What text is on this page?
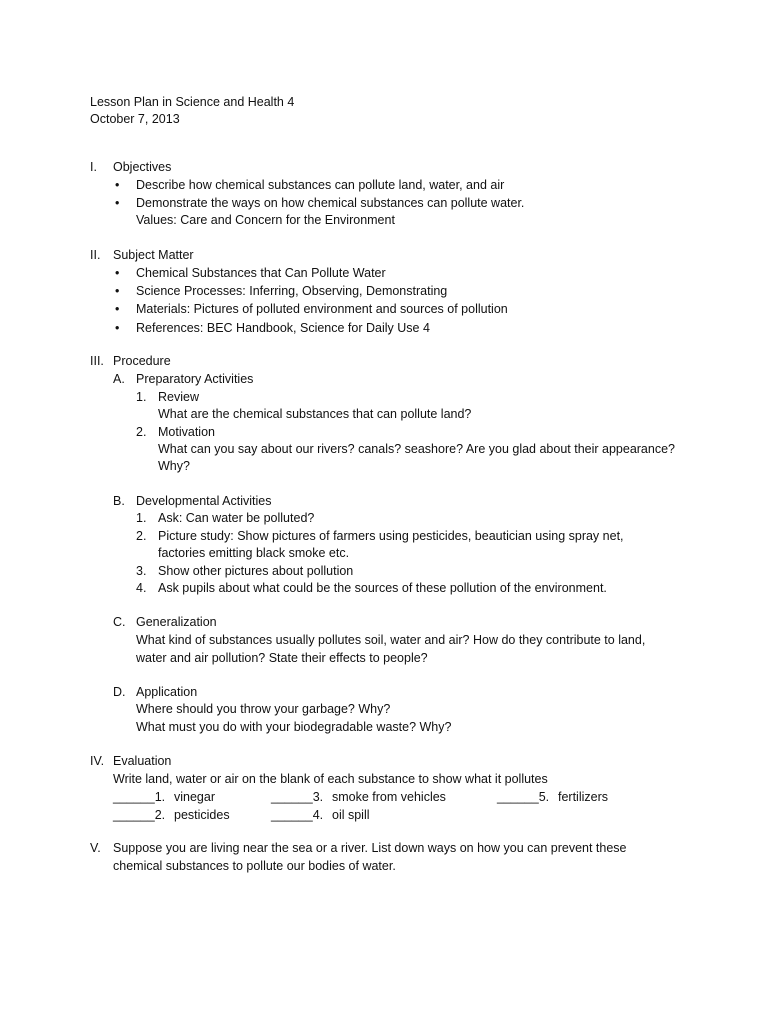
Lesson Plan in Science and Health 4
October 7, 2013
I. Objectives
• Describe how chemical substances can pollute land, water, and air
• Demonstrate the ways on how chemical substances can pollute water.
Values: Care and Concern for the Environment
II. Subject Matter
• Chemical Substances that Can Pollute Water
• Science Processes: Inferring, Observing, Demonstrating
• Materials: Pictures of polluted environment and sources of pollution
• References: BEC Handbook, Science for Daily Use 4
III. Procedure
A. Preparatory Activities
1. Review
What are the chemical substances that can pollute land?
2. Motivation
What can you say about our rivers? canals? seashore? Are you glad about their appearance?
Why?
B. Developmental Activities
1. Ask: Can water be polluted?
2. Picture study: Show pictures of farmers using pesticides, beautician using spray net,
factories emitting black smoke etc.
3. Show other pictures about pollution
4. Ask pupils about what could be the sources of these pollution of the environment.
C. Generalization
What kind of substances usually pollutes soil, water and air? How do they contribute to land,
water and air pollution? State their effects to people?
D. Application
Where should you throw your garbage? Why?
What must you do with your biodegradable waste? Why?
IV. Evaluation
Write land, water or air on the blank of each substance to show what it pollutes
______1. vinegar
______2. pesticides
______3. smoke from vehicles
______4. oil spill
______5. fertilizers
V. Suppose you are living near the sea or a river. List down ways on how you can prevent these
chemical substances to pollute our bodies of water.
